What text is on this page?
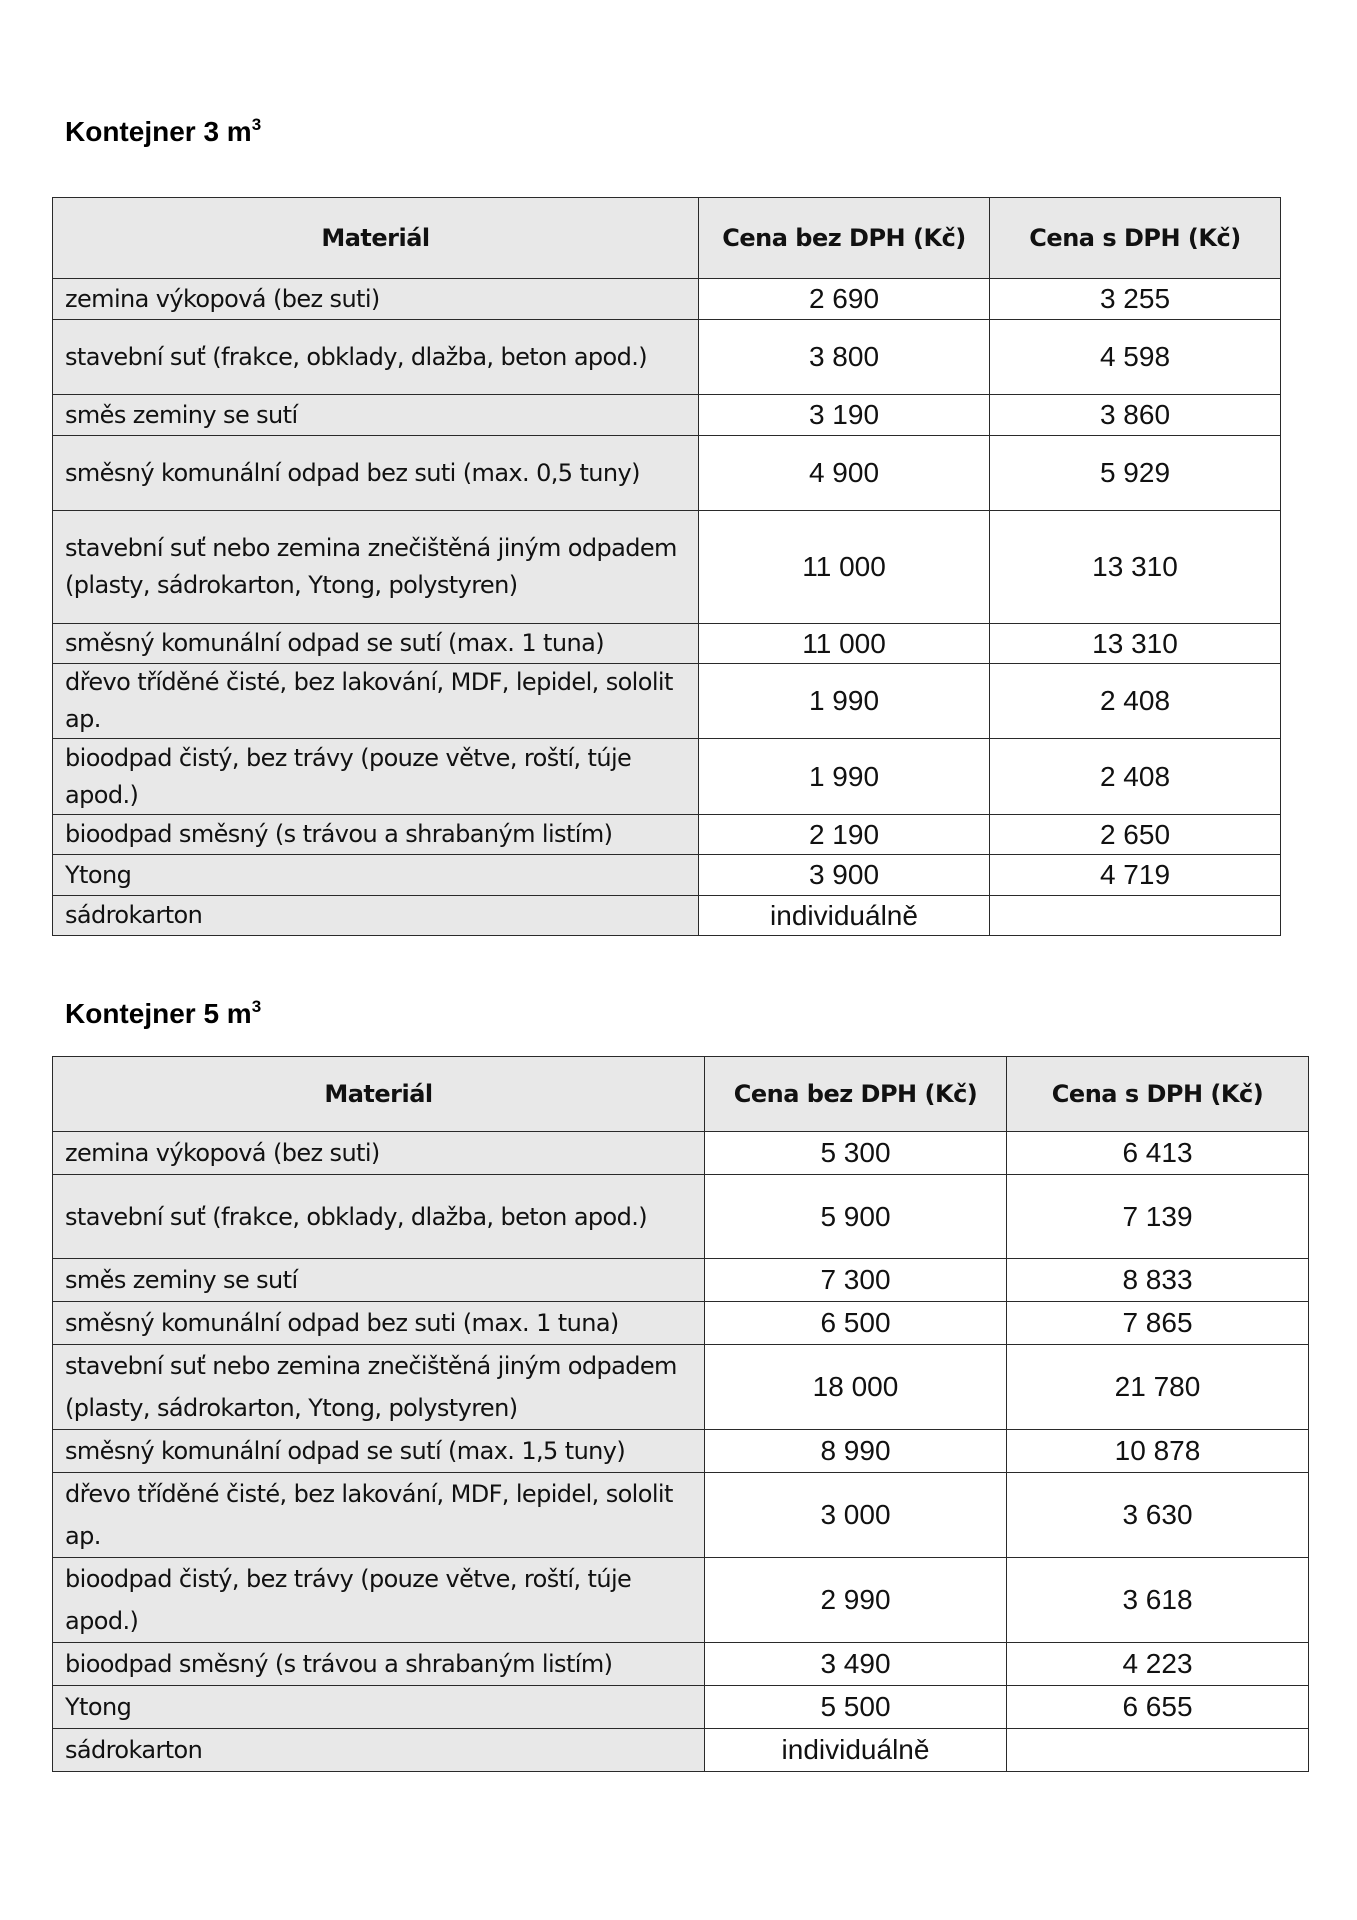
Kontejner 3 $m^3$
Materiál	Cena bez DPH (Kč)	Cena s DPH (Kč)
zemina výkopová (bez suti)	2 690	3 255
stavební suť (frakce, obklady, dlažba, beton apod.)	3 800	4 598
směs zeminy se sutí	3 190	3 860
směsný komunální odpad bez suti (max. 0,5 tuny)	4 900	5 929
stavební suť nebo zemina znečištěná jiným odpadem (plasty, sádrokarton, Ytong, polystyren)	11 000	13 310
směsný komunální odpad se sutí (max. 1 tuna)	11 000	13 310
dřevo tříděné čisté, bez lakování, MDF, lepidel, sololit ap.	1 990	2 408
bioodpad čistý, bez trávy (pouze větve, roští, túje apod.)	1 990	2 408
bioodpad směsný (s trávou a shrabaným listím)	2 190	2 650
Ytong	3 900	4 719
sádrokarton	individuálně	
Kontejner 5 $m^3$
Materiál	Cena bez DPH (Kč)	Cena s DPH (Kč)
zemina výkopová (bez suti)	5 300	6 413
stavební suť (frakce, obklady, dlažba, beton apod.)	5 900	7 139
směs zeminy se sutí	7 300	8 833
směsný komunální odpad bez suti (max. 1 tuna)	6 500	7 865
stavební suť nebo zemina znečištěná jiným odpadem (plasty, sádrokarton, Ytong, polystyren)	18 000	21 780
směsný komunální odpad se sutí (max. 1,5 tuny)	8 990	10 878
dřevo tříděné čisté, bez lakování, MDF, lepidel, sololit ap.	3 000	3 630
bioodpad čistý, bez trávy (pouze větve, roští, túje apod.)	2 990	3 618
bioodpad směsný (s trávou a shrabaným listím)	3 490	4 223
Ytong	5 500	6 655
sádrokarton	individuálně	
